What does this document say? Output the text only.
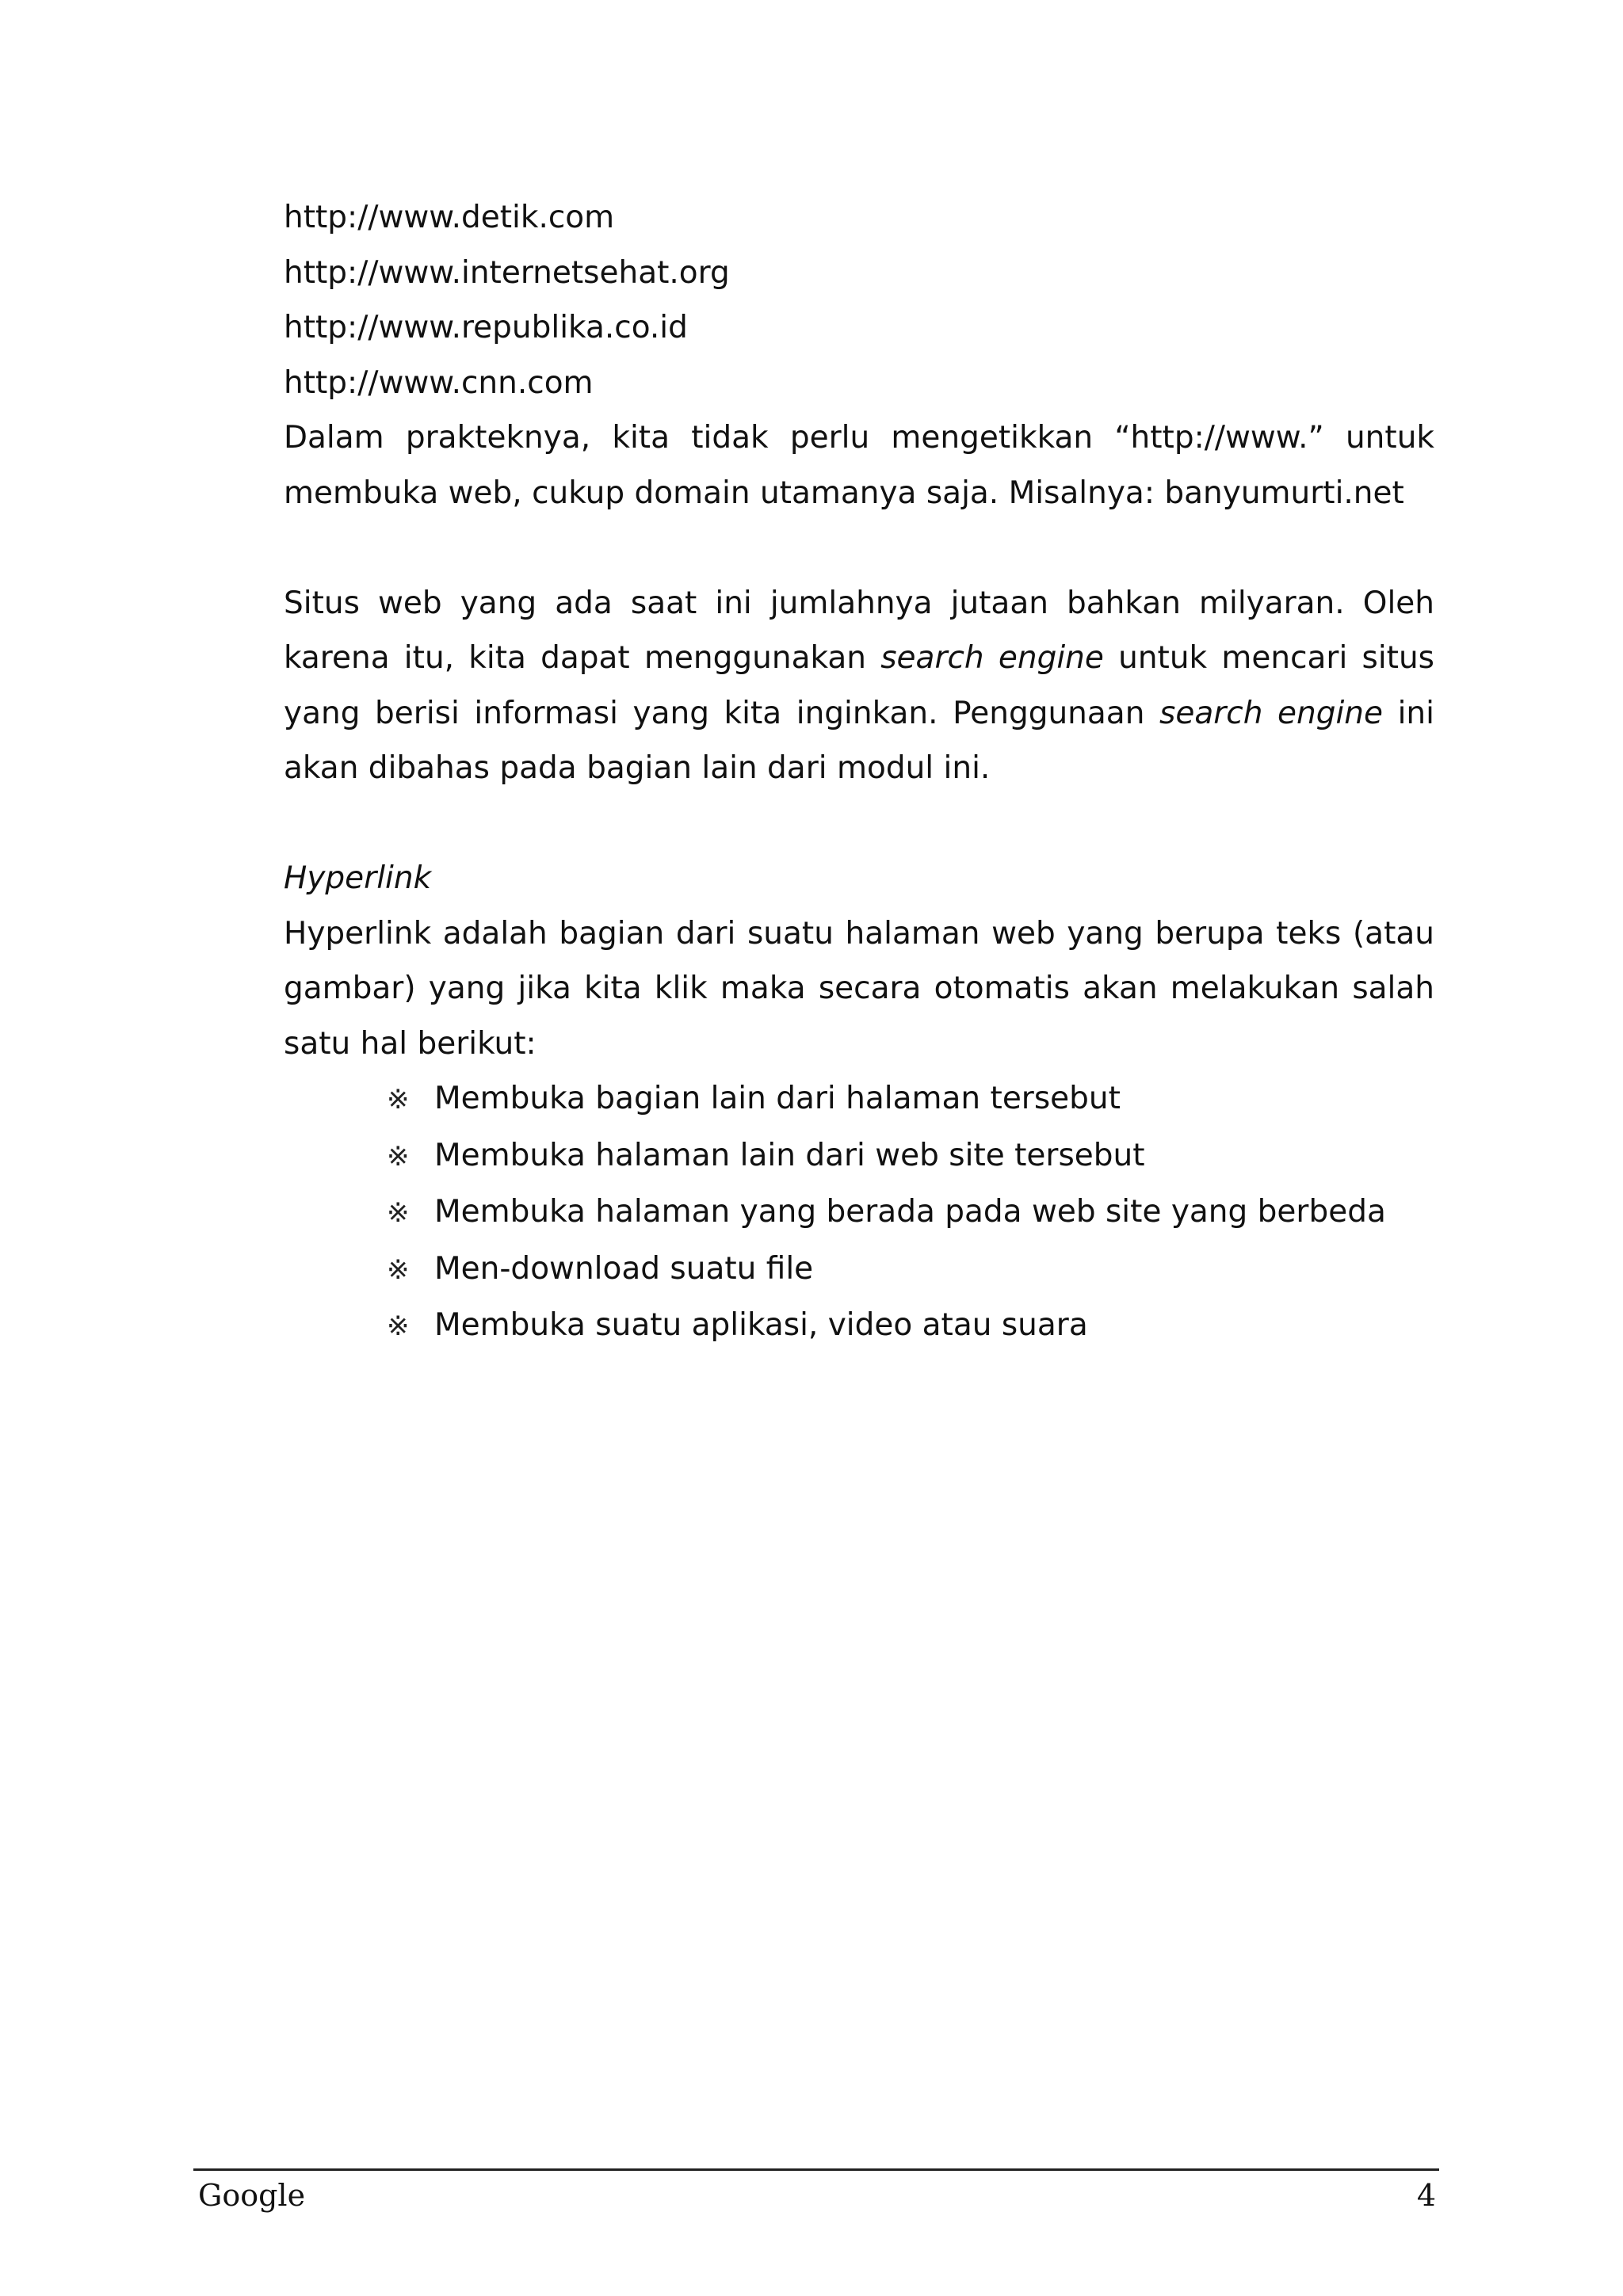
http://www.detik.com
http://www.internetsehat.org
http://www.republika.co.id
http://www.cnn.com

Dalam prakteknya, kita tidak perlu mengetikkan “http://www.” untuk membuka web, cukup domain utamanya saja. Misalnya: banyumurti.net

Situs web yang ada saat ini jumlahnya jutaan bahkan milyaran. Oleh karena itu, kita dapat menggunakan search engine untuk mencari situs yang berisi informasi yang kita inginkan. Penggunaan search engine ini akan dibahas pada bagian lain dari modul ini.

Hyperlink

Hyperlink adalah bagian dari suatu halaman web yang berupa teks (atau gambar) yang jika kita klik maka secara otomatis akan melakukan salah satu hal berikut:

※ Membuka bagian lain dari halaman tersebut
※ Membuka halaman lain dari web site tersebut
※ Membuka halaman yang berada pada web site yang berbeda
※ Men-download suatu file
※ Membuka suatu aplikasi, video atau suara
Google	4
